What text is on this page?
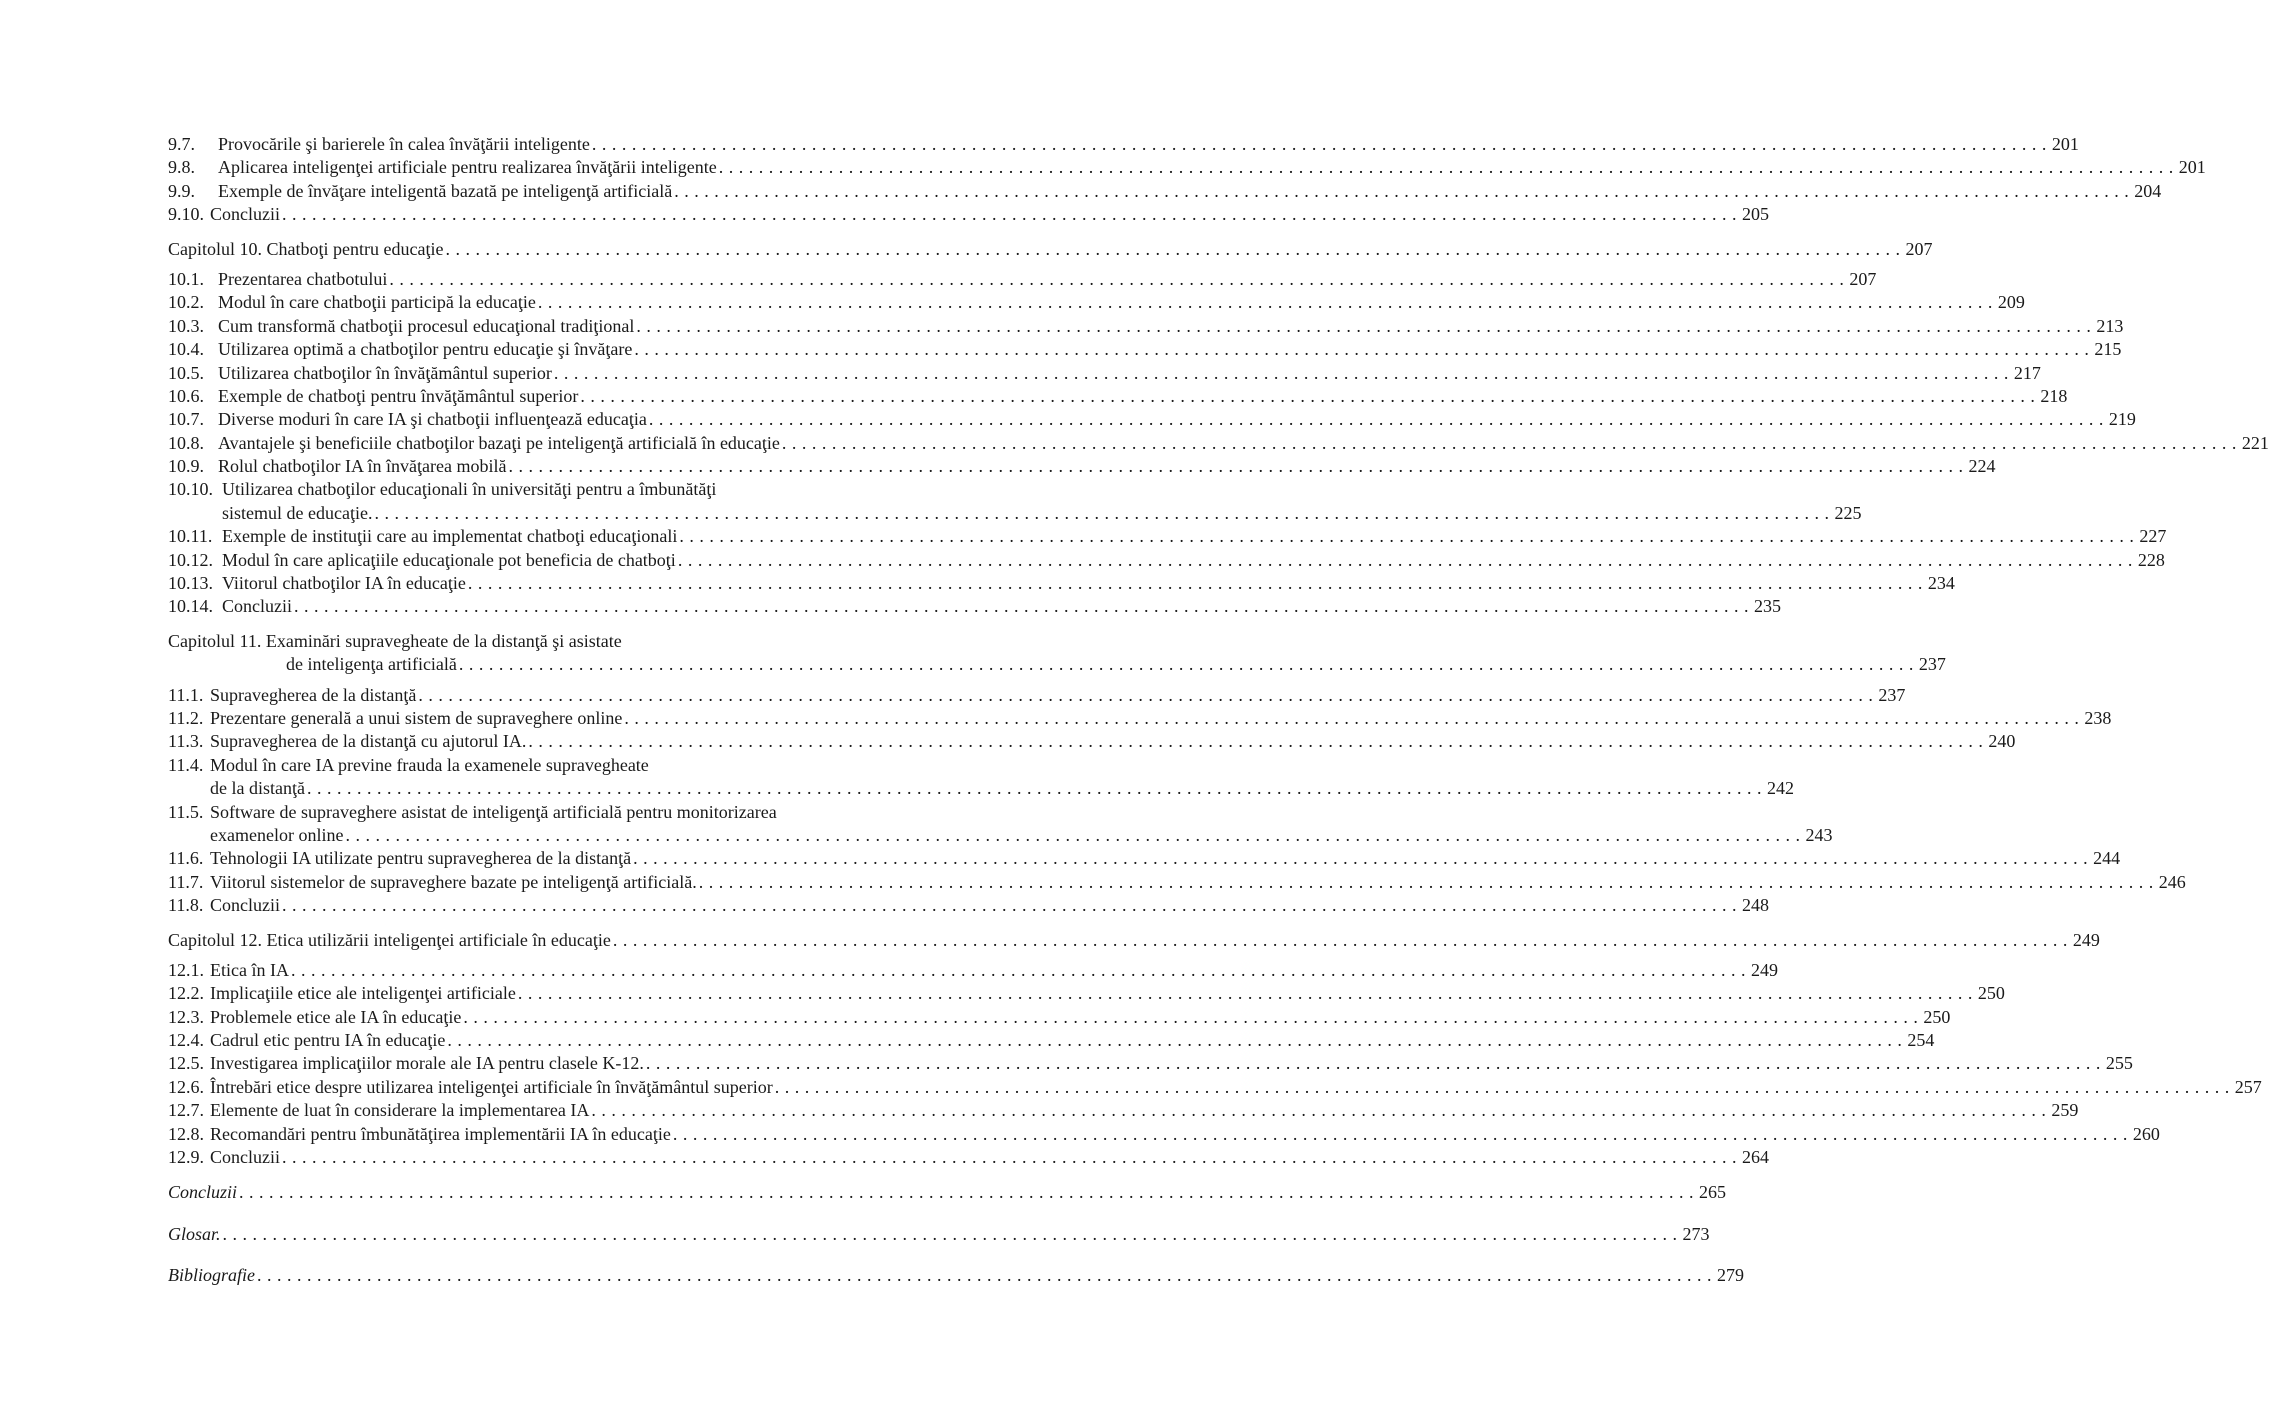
9.7.	Provocările şi barierele în calea învăţării inteligente . . .	201
9.8.	Aplicarea inteligenţei artificiale pentru realizarea învăţării inteligente . . .	201
9.9.	Exemple de învăţare inteligentă bazată pe inteligenţă artificială . . .	204
9.10. Concluzii . . .	205
Capitolul 10. Chatboţi pentru educaţie . . .	207
10.1. Prezentarea chatbotului . . .	207
10.2. Modul în care chatboţii participă la educaţie . . .	209
10.3. Cum transformă chatboţii procesul educaţional tradiţional . . .	213
10.4. Utilizarea optimă a chatboţilor pentru educaţie şi învăţare . . .	215
10.5. Utilizarea chatboţilor în învăţământul superior . . .	217
10.6. Exemple de chatboţi pentru învăţământul superior . . .	218
10.7. Diverse moduri în care IA şi chatboţii influenţează educaţia . . .	219
10.8. Avantajele şi beneficiile chatboţilor bazaţi pe inteligenţă artificială în educaţie . . .	221
10.9. Rolul chatboţilor IA în învăţarea mobilă . . .	224
10.10. Utilizarea chatboţilor educaţionali în universităţi pentru a îmbunătăţi
sistemul de educaţie. . . .	225
10.11. Exemple de instituţii care au implementat chatboţi educaţionali . . .	227
10.12. Modul în care aplicaţiile educaţionale pot beneficia de chatboţi . . .	228
10.13. Viitorul chatboţilor IA în educaţie . . .	234
10.14. Concluzii . . .	235
Capitolul 11. Examinări supravegheate de la distanţă şi asistate
de inteligenţa artificială . . .	237
11.1. Supravegherea de la distanţă . . .	237
11.2. Prezentare generală a unui sistem de supraveghere online . . .	238
11.3. Supravegherea de la distanţă cu ajutorul IA. . . .	240
11.4. Modul în care IA previne frauda la examenele supravegheate
de la distanţă . . .	242
11.5. Software de supraveghere asistat de inteligenţă artificială pentru monitorizarea
examenelor online . . .	243
11.6. Tehnologii IA utilizate pentru supravegherea de la distanţă . . .	244
11.7. Viitorul sistemelor de supraveghere bazate pe inteligenţă artificială. . . .	246
11.8. Concluzii . . .	248
Capitolul 12. Etica utilizării inteligenţei artificiale în educaţie . . .	249
12.1. Etica în IA . . .	249
12.2. Implicaţiile etice ale inteligenţei artificiale . . .	250
12.3. Problemele etice ale IA în educaţie . . .	250
12.4. Cadrul etic pentru IA în educaţie . . .	254
12.5. Investigarea implicaţiilor morale ale IA pentru clasele K-12. . . .	255
12.6. Întrebări etice despre utilizarea inteligenţei artificiale în învăţământul superior . . .	257
12.7. Elemente de luat în considerare la implementarea IA . . .	259
12.8. Recomandări pentru îmbunătăţirea implementării IA în educaţie . . .	260
12.9. Concluzii . . .	264
Concluzii . . .	265
Glosar. . . .	273
Bibliografie . . .	279
